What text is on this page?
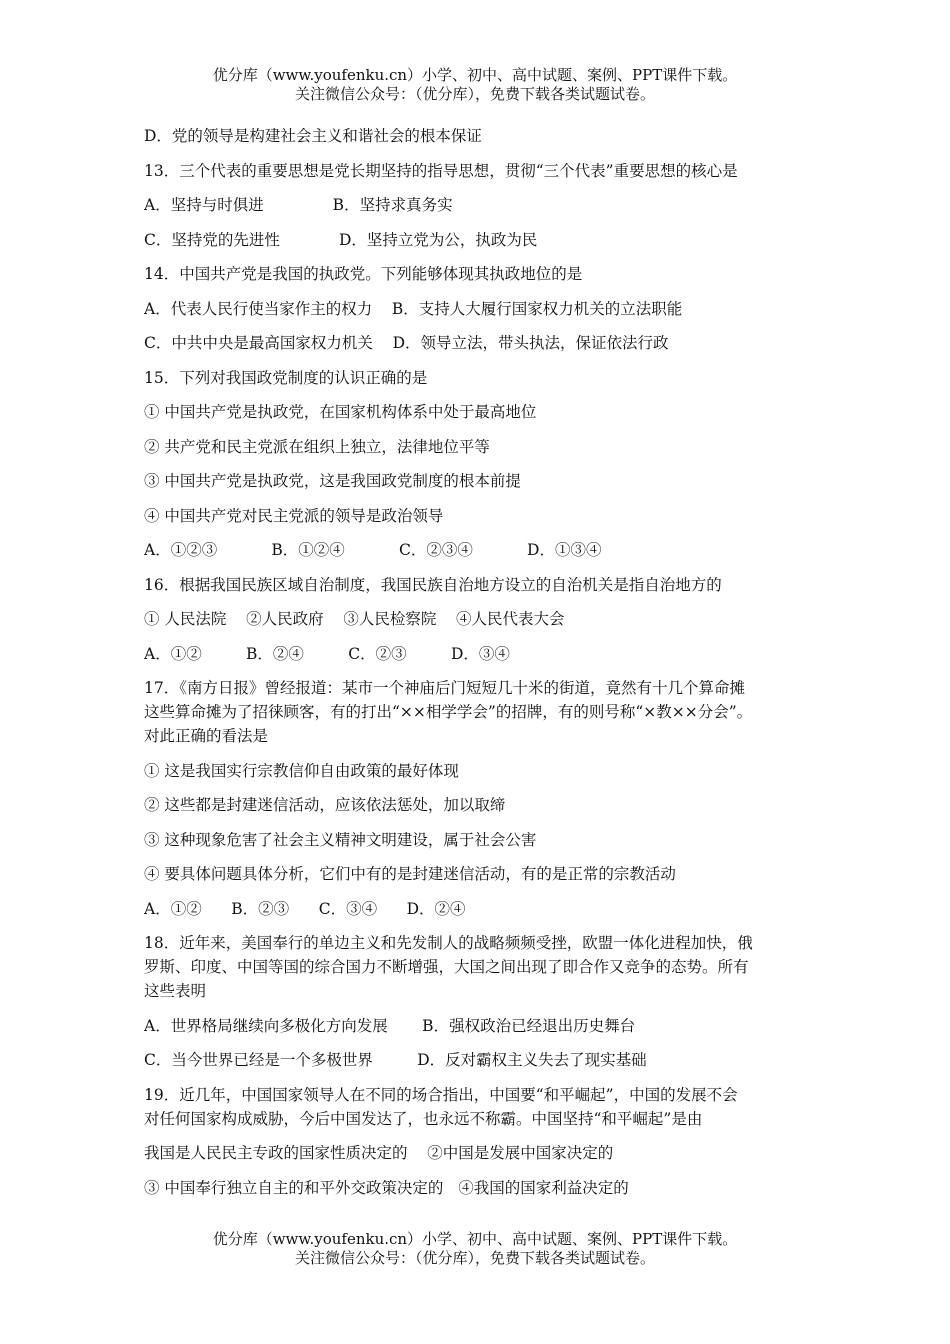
优分库（www.youfenku.cn）小学、初中、高中试题、案例、PPT课件下载。
关注微信公众号：（优分库），免费下载各类试题试卷。
D．党的领导是构建社会主义和谐社会的根本保证
13．三个代表的重要思想是党长期坚持的指导思想，贯彻“三个代表”重要思想的核心是
A．坚持与时俱进              B．坚持求真务实
C．坚持党的先进性            D．坚持立党为公，执政为民
14．中国共产党是我国的执政党。下列能够体现其执政地位的是
A．代表人民行使当家作主的权力    B．支持人大履行国家权力机关的立法职能
C．中共中央是最高国家权力机关    D．领导立法，带头执法，保证依法行政
15．下列对我国政党制度的认识正确的是
① 中国共产党是执政党，在国家机构体系中处于最高地位
② 共产党和民主党派在组织上独立，法律地位平等
③ 中国共产党是执政党，这是我国政党制度的根本前提
④ 中国共产党对民主党派的领导是政治领导
A．①②③           B．①②④           C．②③④           D．①③④
16．根据我国民族区域自治制度，我国民族自治地方设立的自治机关是指自治地方的
① 人民法院    ②人民政府    ③人民检察院    ④人民代表大会
A．①②         B．②④         C．②③         D．③④
17．《南方日报》曾经报道：某市一个神庙后门短短几十米的街道，竟然有十几个算命摊
这些算命摊为了招徕顾客，有的打出“××相学学会”的招牌，有的则号称“×教××分会”。
对此正确的看法是
① 这是我国实行宗教信仰自由政策的最好体现
② 这些都是封建迷信活动，应该依法惩处，加以取缔
③ 这种现象危害了社会主义精神文明建设，属于社会公害
④ 要具体问题具体分析，它们中有的是封建迷信活动，有的是正常的宗教活动
A．①②      B．②③      C．③④      D．②④
18．近年来，美国奉行的单边主义和先发制人的战略频频受挫，欧盟一体化进程加快，俄
罗斯、印度、中国等国的综合国力不断增强，大国之间出现了即合作又竞争的态势。所有
这些表明
A．世界格局继续向多极化方向发展       B．强权政治已经退出历史舞台
C．当今世界已经是一个多极世界         D．反对霸权主义失去了现实基础
19．近几年，中国国家领导人在不同的场合指出，中国要“和平崛起”，中国的发展不会
对任何国家构成威胁，今后中国发达了，也永远不称霸。中国坚持“和平崛起”是由
我国是人民民主专政的国家性质决定的    ②中国是发展中国家决定的
③ 中国奉行独立自主的和平外交政策决定的   ④我国的国家利益决定的
优分库（www.youfenku.cn）小学、初中、高中试题、案例、PPT课件下载。
关注微信公众号：（优分库），免费下载各类试题试卷。
